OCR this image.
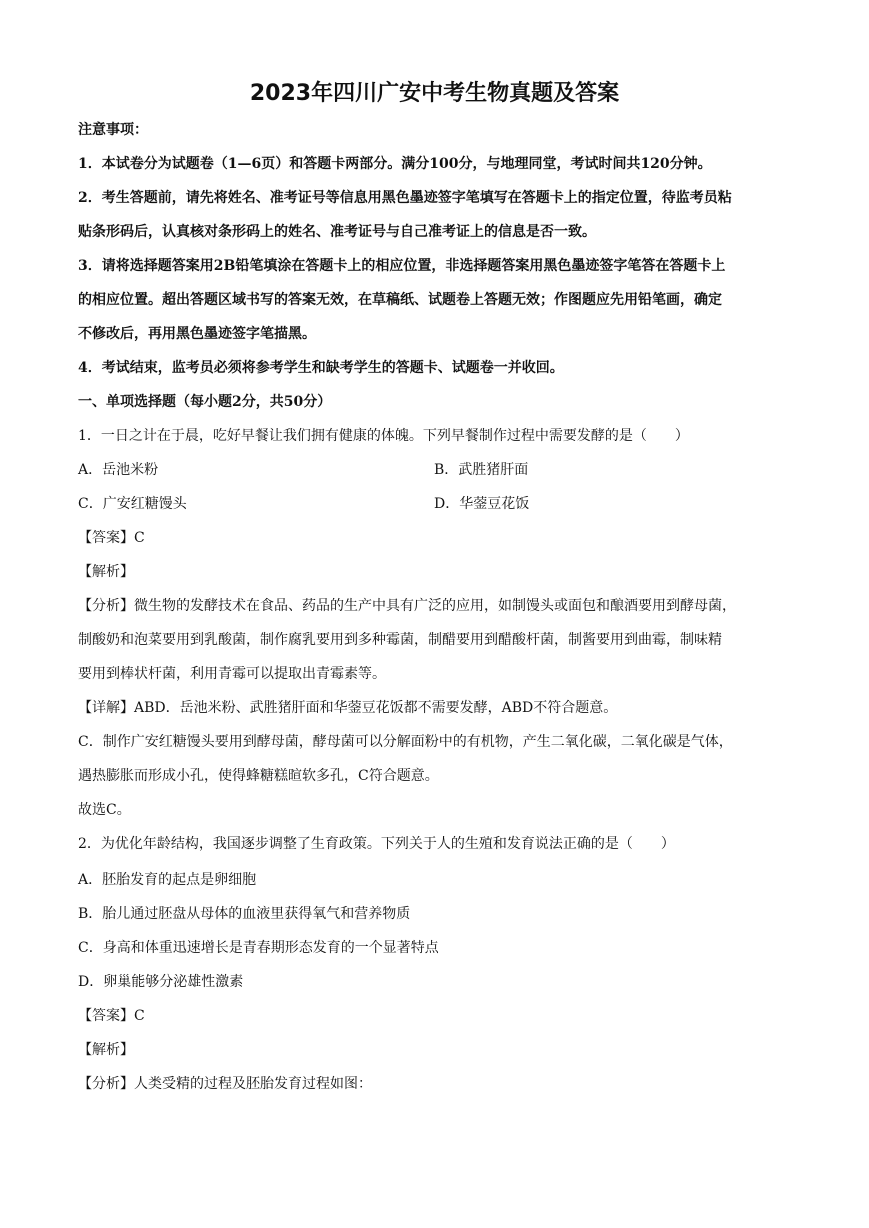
2023年四川广安中考生物真题及答案
注意事项：
1．本试卷分为试题卷（1—6页）和答题卡两部分。满分100分，与地理同堂，考试时间共120分钟。
2．考生答题前，请先将姓名、准考证号等信息用黑色墨迹签字笔填写在答题卡上的指定位置，待监考员粘
贴条形码后，认真核对条形码上的姓名、准考证号与自己准考证上的信息是否一致。
3．请将选择题答案用2B铅笔填涂在答题卡上的相应位置，非选择题答案用黑色墨迹签字笔答在答题卡上
的相应位置。超出答题区域书写的答案无效，在草稿纸、试题卷上答题无效；作图题应先用铅笔画，确定
不修改后，再用黑色墨迹签字笔描黑。
4．考试结束，监考员必须将参考学生和缺考学生的答题卡、试题卷一并收回。
一、单项选择题（每小题2分，共50分）
1．一日之计在于晨，吃好早餐让我们拥有健康的体魄。下列早餐制作过程中需要发酵的是（　　）
A．岳池米粉	B．武胜猪肝面
C．广安红糖馒头	D．华蓥豆花饭
【答案】C
【解析】
【分析】微生物的发酵技术在食品、药品的生产中具有广泛的应用，如制馒头或面包和酿酒要用到酵母菌，
制酸奶和泡菜要用到乳酸菌，制作腐乳要用到多种霉菌，制醋要用到醋酸杆菌，制酱要用到曲霉，制味精
要用到棒状杆菌，利用青霉可以提取出青霉素等。
【详解】ABD．岳池米粉、武胜猪肝面和华蓥豆花饭都不需要发酵，ABD不符合题意。
C．制作广安红糖馒头要用到酵母菌，酵母菌可以分解面粉中的有机物，产生二氧化碳，二氧化碳是气体，
遇热膨胀而形成小孔，使得蜂糖糕暄软多孔，C符合题意。
故选C。
2．为优化年龄结构，我国逐步调整了生育政策。下列关于人的生殖和发育说法正确的是（　　）
A．胚胎发育的起点是卵细胞
B．胎儿通过胚盘从母体的血液里获得氧气和营养物质
C．身高和体重迅速增长是青春期形态发育的一个显著特点
D．卵巢能够分泌雄性激素
【答案】C
【解析】
【分析】人类受精的过程及胚胎发育过程如图：
